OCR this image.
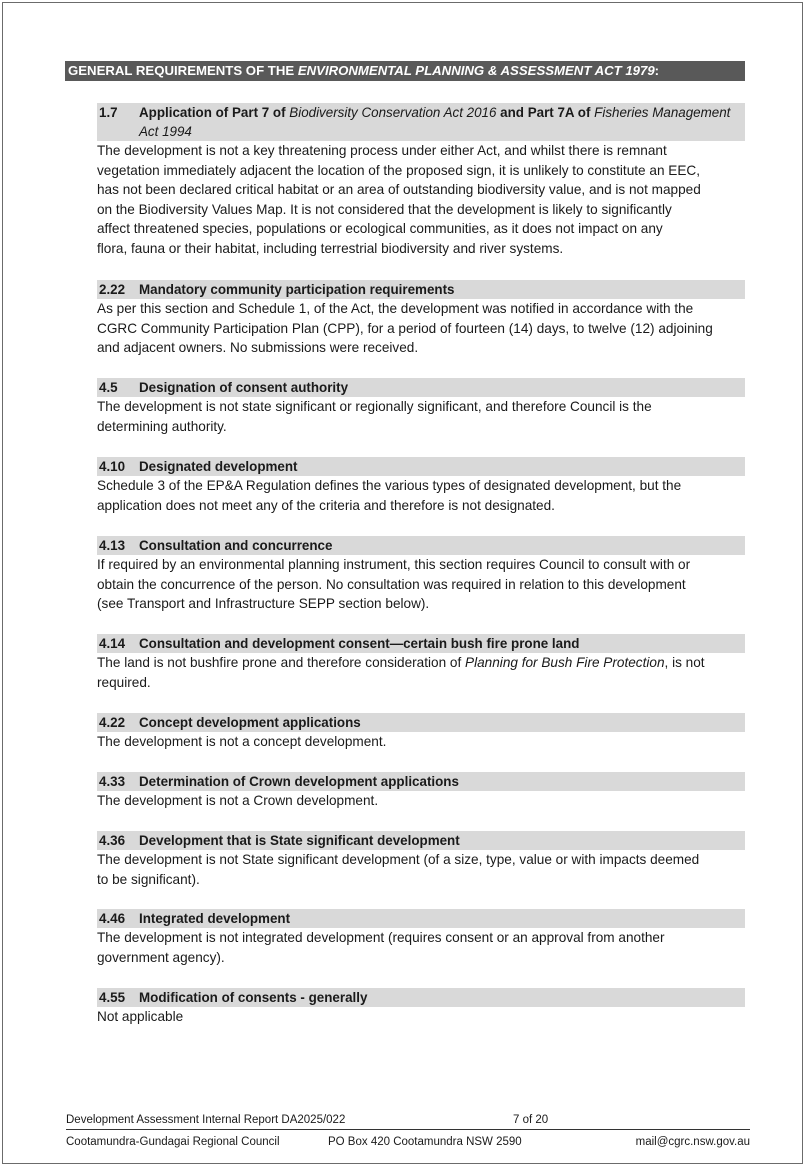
GENERAL REQUIREMENTS OF THE ENVIRONMENTAL PLANNING & ASSESSMENT ACT 1979:
1.7	Application of Part 7 of Biodiversity Conservation Act 2016 and Part 7A of Fisheries Management Act 1994

The development is not a key threatening process under either Act, and whilst there is remnant
vegetation immediately adjacent the location of the proposed sign, it is unlikely to constitute an EEC,
has not been declared critical habitat or an area of outstanding biodiversity value, and is not mapped
on the Biodiversity Values Map. It is not considered that the development is likely to significantly
affect threatened species, populations or ecological communities, as it does not impact on any
flora, fauna or their habitat, including terrestrial biodiversity and river systems.

2.22 Mandatory community participation requirements

As per this section and Schedule 1, of the Act, the development was notified in accordance with the
CGRC Community Participation Plan (CPP), for a period of fourteen (14) days, to twelve (12) adjoining
and adjacent owners. No submissions were received.

4.5 Designation of consent authority

The development is not state significant or regionally significant, and therefore Council is the
determining authority.

4.10 Designated development

Schedule 3 of the EP&A Regulation defines the various types of designated development, but the
application does not meet any of the criteria and therefore is not designated.

4.13 Consultation and concurrence

If required by an environmental planning instrument, this section requires Council to consult with or
obtain the concurrence of the person. No consultation was required in relation to this development
(see Transport and Infrastructure SEPP section below).

4.14 Consultation and development consent—certain bush fire prone land

The land is not bushfire prone and therefore consideration of Planning for Bush Fire Protection, is not
required.

4.22 Concept development applications

The development is not a concept development.

4.33 Determination of Crown development applications

The development is not a Crown development.

4.36 Development that is State significant development

The development is not State significant development (of a size, type, value or with impacts deemed
to be significant).

4.46 Integrated development

The development is not integrated development (requires consent or an approval from another
government agency).

4.55 Modification of consents - generally

Not applicable

Development Assessment Internal Report DA2025/022	7 of 20
Cootamundra-Gundagai Regional Council	PO Box 420 Cootamundra NSW 2590	mail@cgrc.nsw.gov.au
